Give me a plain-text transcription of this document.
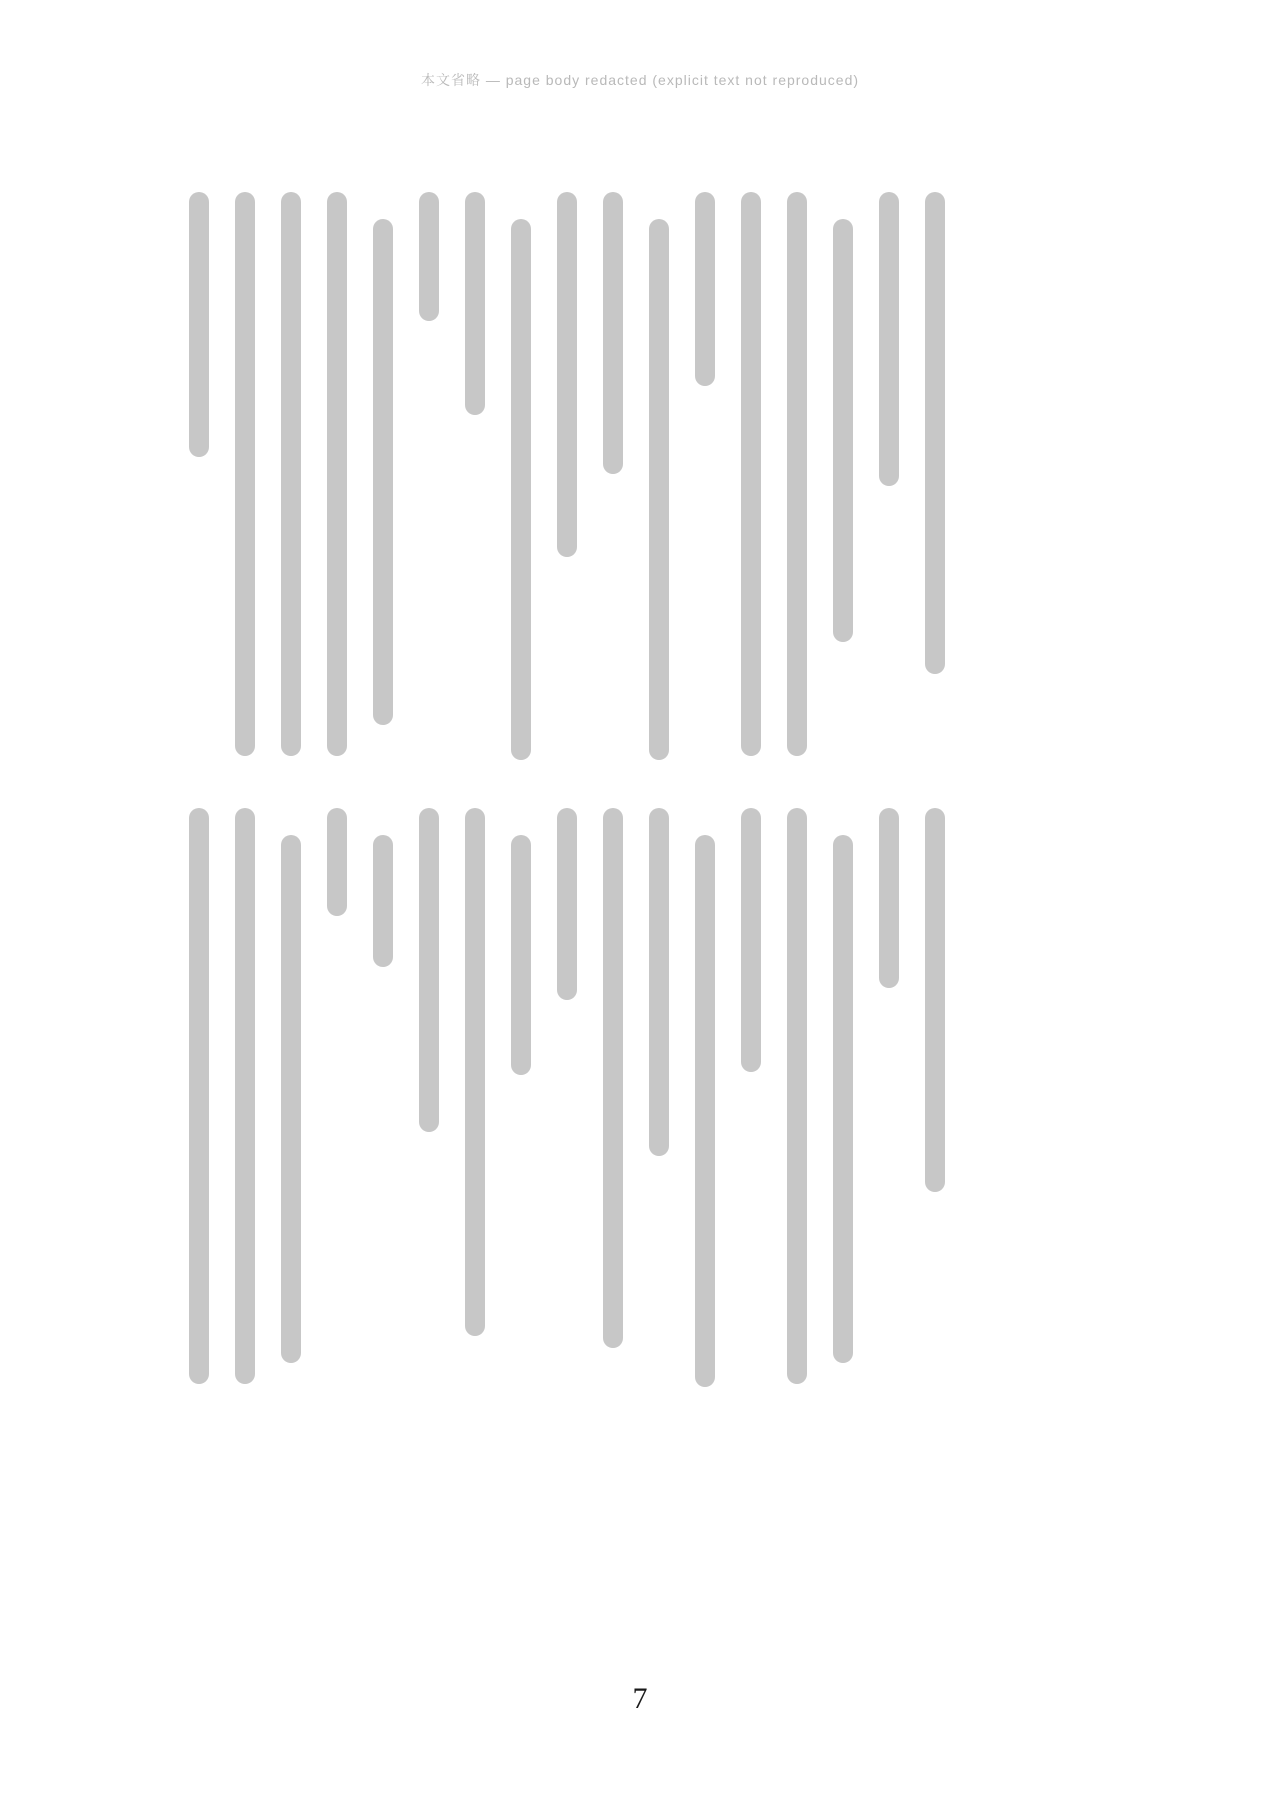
本文省略 — page body redacted (explicit text not reproduced)
7
